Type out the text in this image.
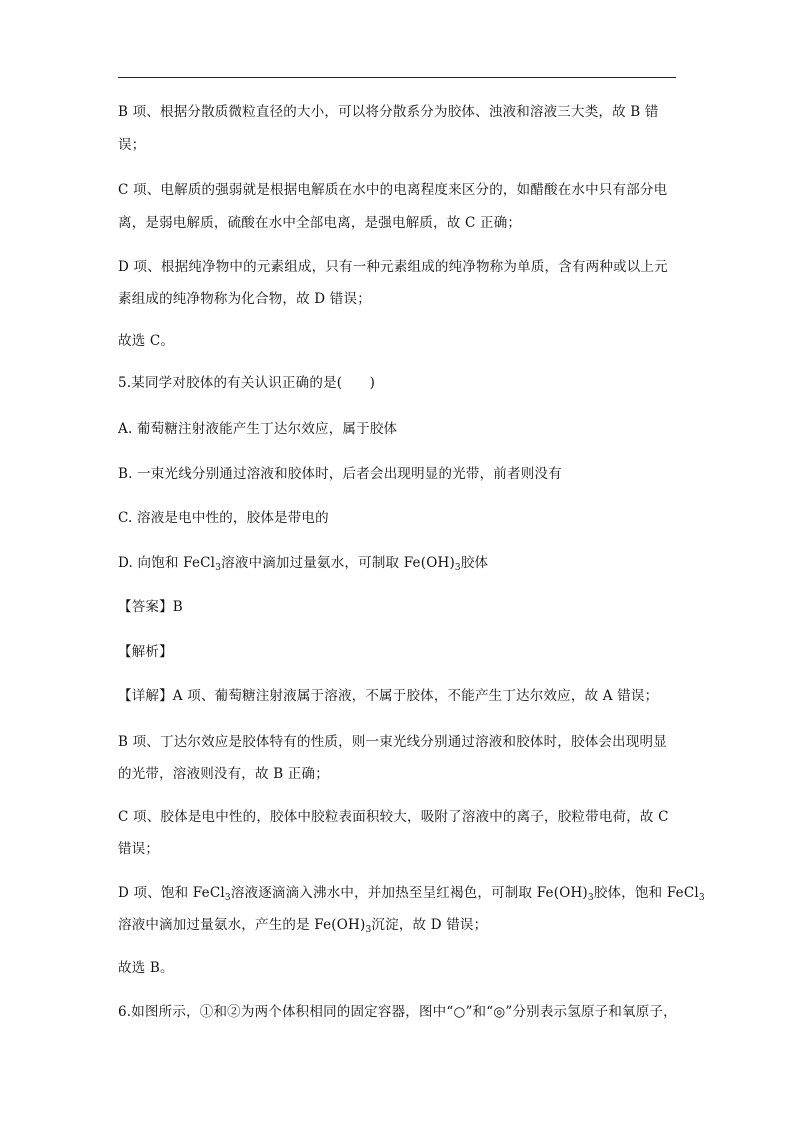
B 项、根据分散质微粒直径的大小，可以将分散系分为胶体、浊液和溶液三大类，故 B 错
误；
C 项、电解质的强弱就是根据电解质在水中的电离程度来区分的，如醋酸在水中只有部分电
离，是弱电解质，硫酸在水中全部电离，是强电解质，故 C 正确；
D 项、根据纯净物中的元素组成，只有一种元素组成的纯净物称为单质，含有两种或以上元
素组成的纯净物称为化合物，故 D 错误；
故选 C。
5.某同学对胶体的有关认识正确的是(　　)
A. 葡萄糖注射液能产生丁达尔效应，属于胶体
B. 一束光线分别通过溶液和胶体时，后者会出现明显的光带，前者则没有
C. 溶液是电中性的，胶体是带电的
D. 向饱和 FeCl$_3$溶液中滴加过量氨水，可制取 $Fe(OH)_3$胶体
【答案】B
【解析】
【详解】A 项、葡萄糖注射液属于溶液，不属于胶体，不能产生丁达尔效应，故 A 错误；
B 项、丁达尔效应是胶体特有的性质，则一束光线分别通过溶液和胶体时，胶体会出现明显
的光带，溶液则没有，故 B 正确；
C 项、胶体是电中性的，胶体中胶粒表面积较大，吸附了溶液中的离子，胶粒带电荷，故 C
错误；
D 项、饱和 FeCl$_3$溶液逐滴滴入沸水中，并加热至呈红褐色，可制取 $Fe(OH)_3$胶体，饱和 FeCl$_3$
溶液中滴加过量氨水，产生的是 $Fe(OH)_3$沉淀，故 D 错误；
故选 B。
6.如图所示，①和②为两个体积相同的固定容器，图中“○”和“◎”分别表示氢原子和氧原子，
